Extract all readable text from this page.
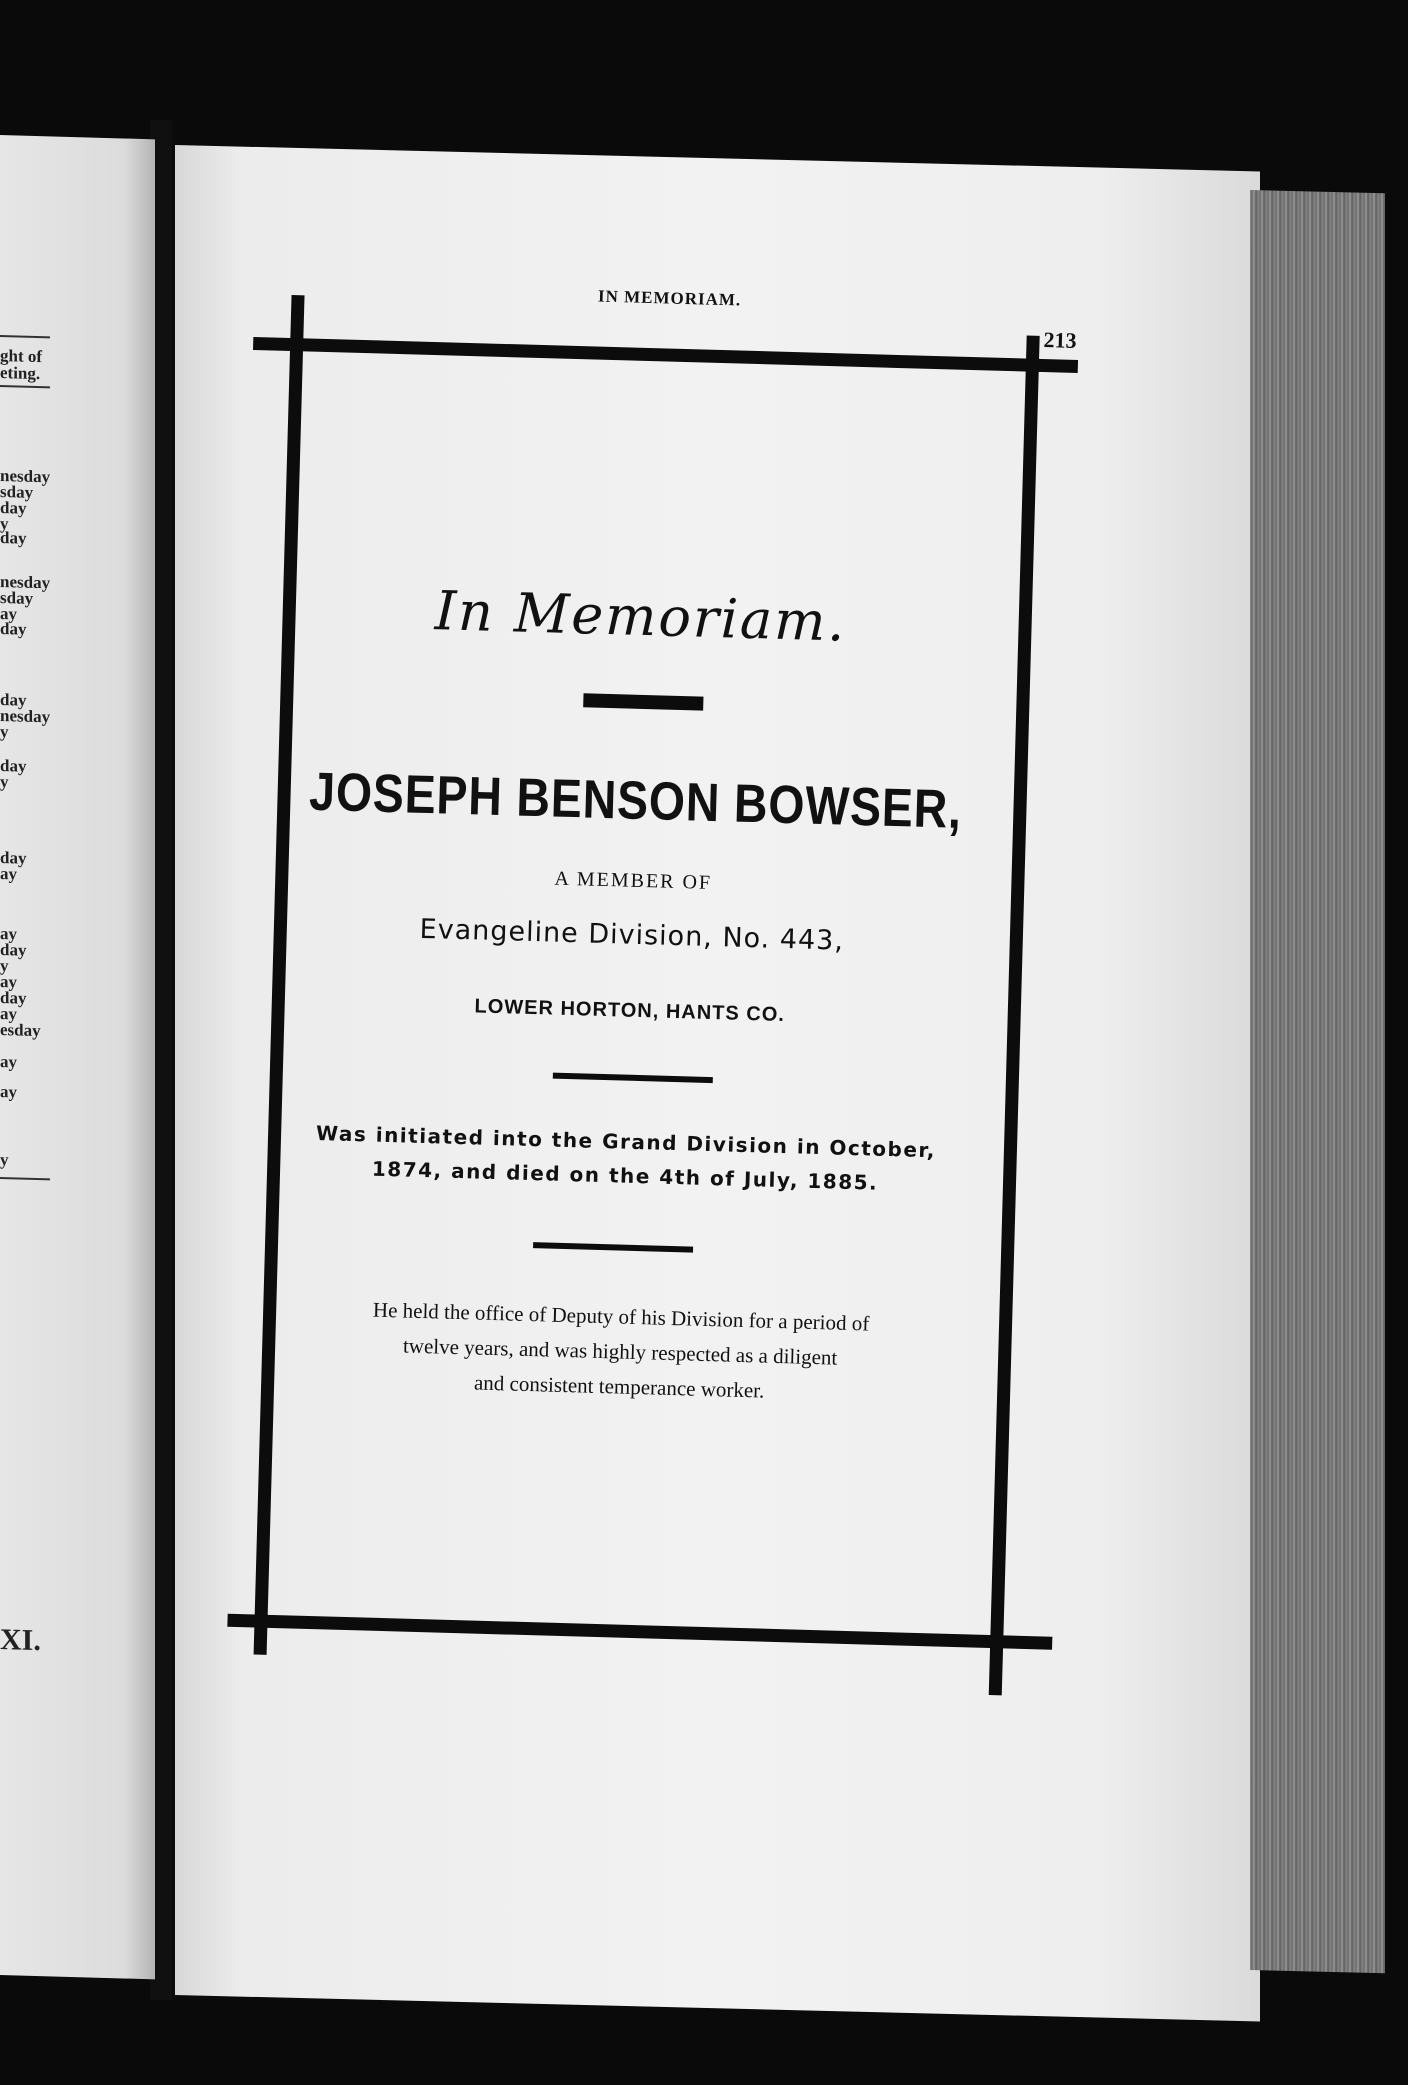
ght of
eting.
nesday
sday
day
y
day
nesday
sday
ay
day
day
nesday
y
day
y
day
ay
ay
day
y
ay
day
ay
esday
ay
ay
y
XI.
IN MEMORIAM.
213
In Memoriam.
JOSEPH BENSON BOWSER,
A MEMBER OF
Evangeline Division, No. 443,
LOWER HORTON, HANTS CO.
Was initiated into the Grand Division in October,
1874, and died on the 4th of July, 1885.
He held the office of Deputy of his Division for a period of
twelve years, and was highly respected as a diligent
and consistent temperance worker.
